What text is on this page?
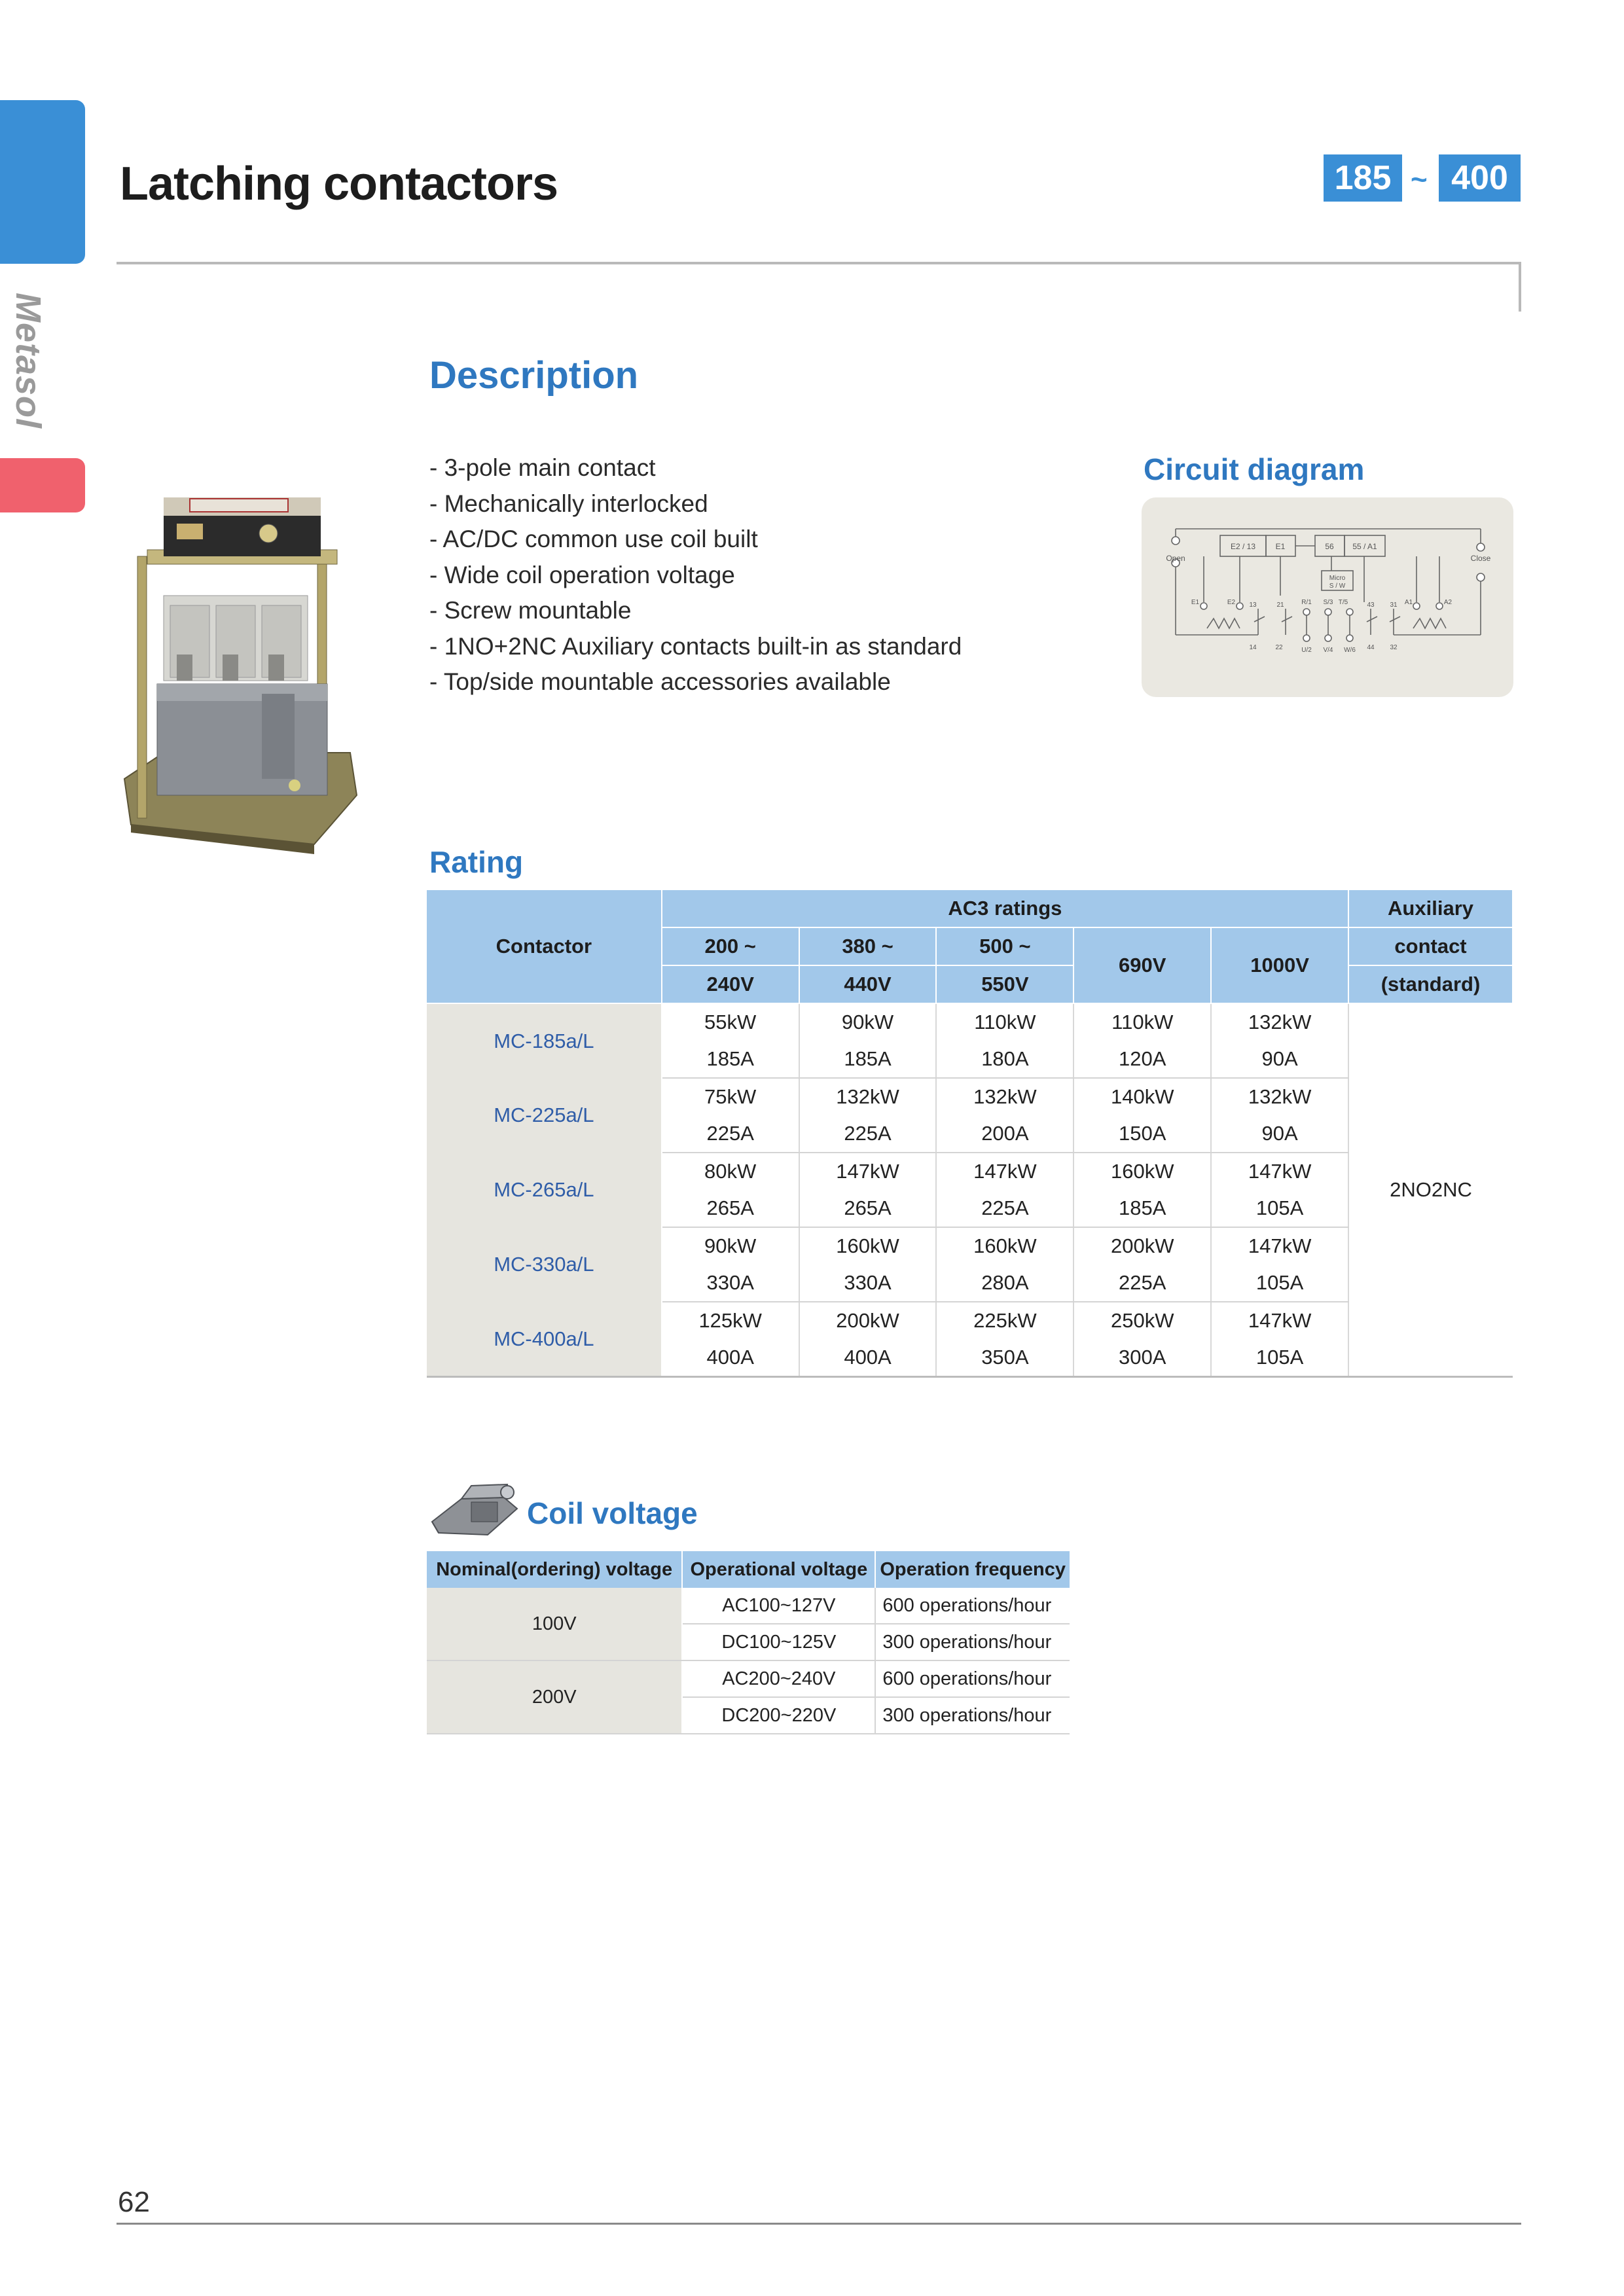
Metasol
Latching contactors	185 ~ 400
Description
- 3-pole main contact
- Mechanically interlocked
- AC/DC common use coil built
- Wide coil operation voltage
- Screw mountable
- 1NO+2NC Auxiliary contacts built-in as standard
- Top/side mountable accessories available
Circuit diagram
Open	Close
E2 / 13	E1	56 55 / A1
Micro
S / W
E1	E2 13	21	R/1 S/3 T/5	43 31 A1	A2
14	22	U/2 V/4 W/6 44 32
Rating
Contactor	AC3 ratings					Auxiliary
	200 ~	380 ~	500 ~	690V	1000V	contact
	240V	440V	550V			(standard)
MC-185a/L	55kW	90kW	110kW	110kW	132kW	2NO2NC
	185A	185A	180A	120A	90A	
MC-225a/L	75kW	132kW	132kW	140kW	132kW	
	225A	225A	200A	150A	90A	
MC-265a/L	80kW	147kW	147kW	160kW	147kW	
	265A	265A	225A	185A	105A	
MC-330a/L	90kW	160kW	160kW	200kW	147kW	
	330A	330A	280A	225A	105A	
MC-400a/L	125kW	200kW	225kW	250kW	147kW	
	400A	400A	350A	300A	105A	
Coil voltage
Nominal(ordering) voltage	Operational voltage	Operation frequency
100V	AC100~127V	600 operations/hour
	DC100~125V	300 operations/hour
200V	AC200~240V	600 operations/hour
	DC200~220V	300 operations/hour
62
